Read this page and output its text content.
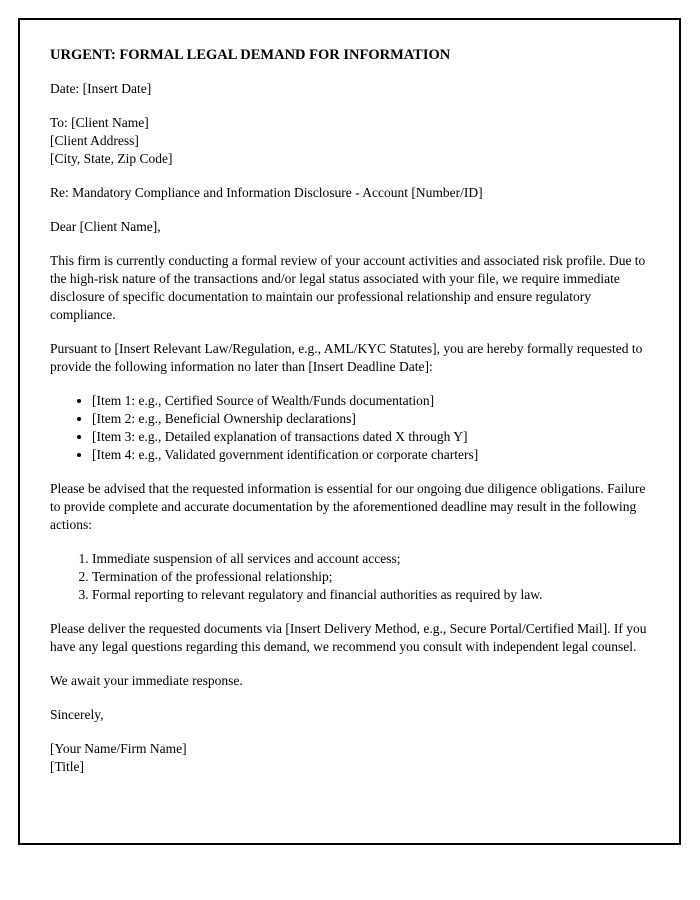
URGENT: FORMAL LEGAL DEMAND FOR INFORMATION

Date: [Insert Date]

To: [Client Name]

[Client Address]

[City, State, Zip Code]

Re: Mandatory Compliance and Information Disclosure - Account [Number/ID]

Dear [Client Name],

This firm is currently conducting a formal review of your account activities and associated risk profile. Due to the high-risk nature of the transactions and/or legal status associated with your file, we require immediate disclosure of specific documentation to maintain our professional relationship and ensure regulatory compliance.

Pursuant to [Insert Relevant Law/Regulation, e.g., AML/KYC Statutes], you are hereby formally requested to provide the following information no later than [Insert Deadline Date]:

• [Item 1: e.g., Certified Source of Wealth/Funds documentation]
• [Item 2: e.g., Beneficial Ownership declarations]
• [Item 3: e.g., Detailed explanation of transactions dated X through Y]
• [Item 4: e.g., Validated government identification or corporate charters]

Please be advised that the requested information is essential for our ongoing due diligence obligations. Failure to provide complete and accurate documentation by the aforementioned deadline may result in the following actions:

1. Immediate suspension of all services and account access;
2. Termination of the professional relationship;
3. Formal reporting to relevant regulatory and financial authorities as required by law.

Please deliver the requested documents via [Insert Delivery Method, e.g., Secure Portal/Certified Mail]. If you have any legal questions regarding this demand, we recommend you consult with independent legal counsel.

We await your immediate response.

Sincerely,

[Your Name/Firm Name]

[Title]
